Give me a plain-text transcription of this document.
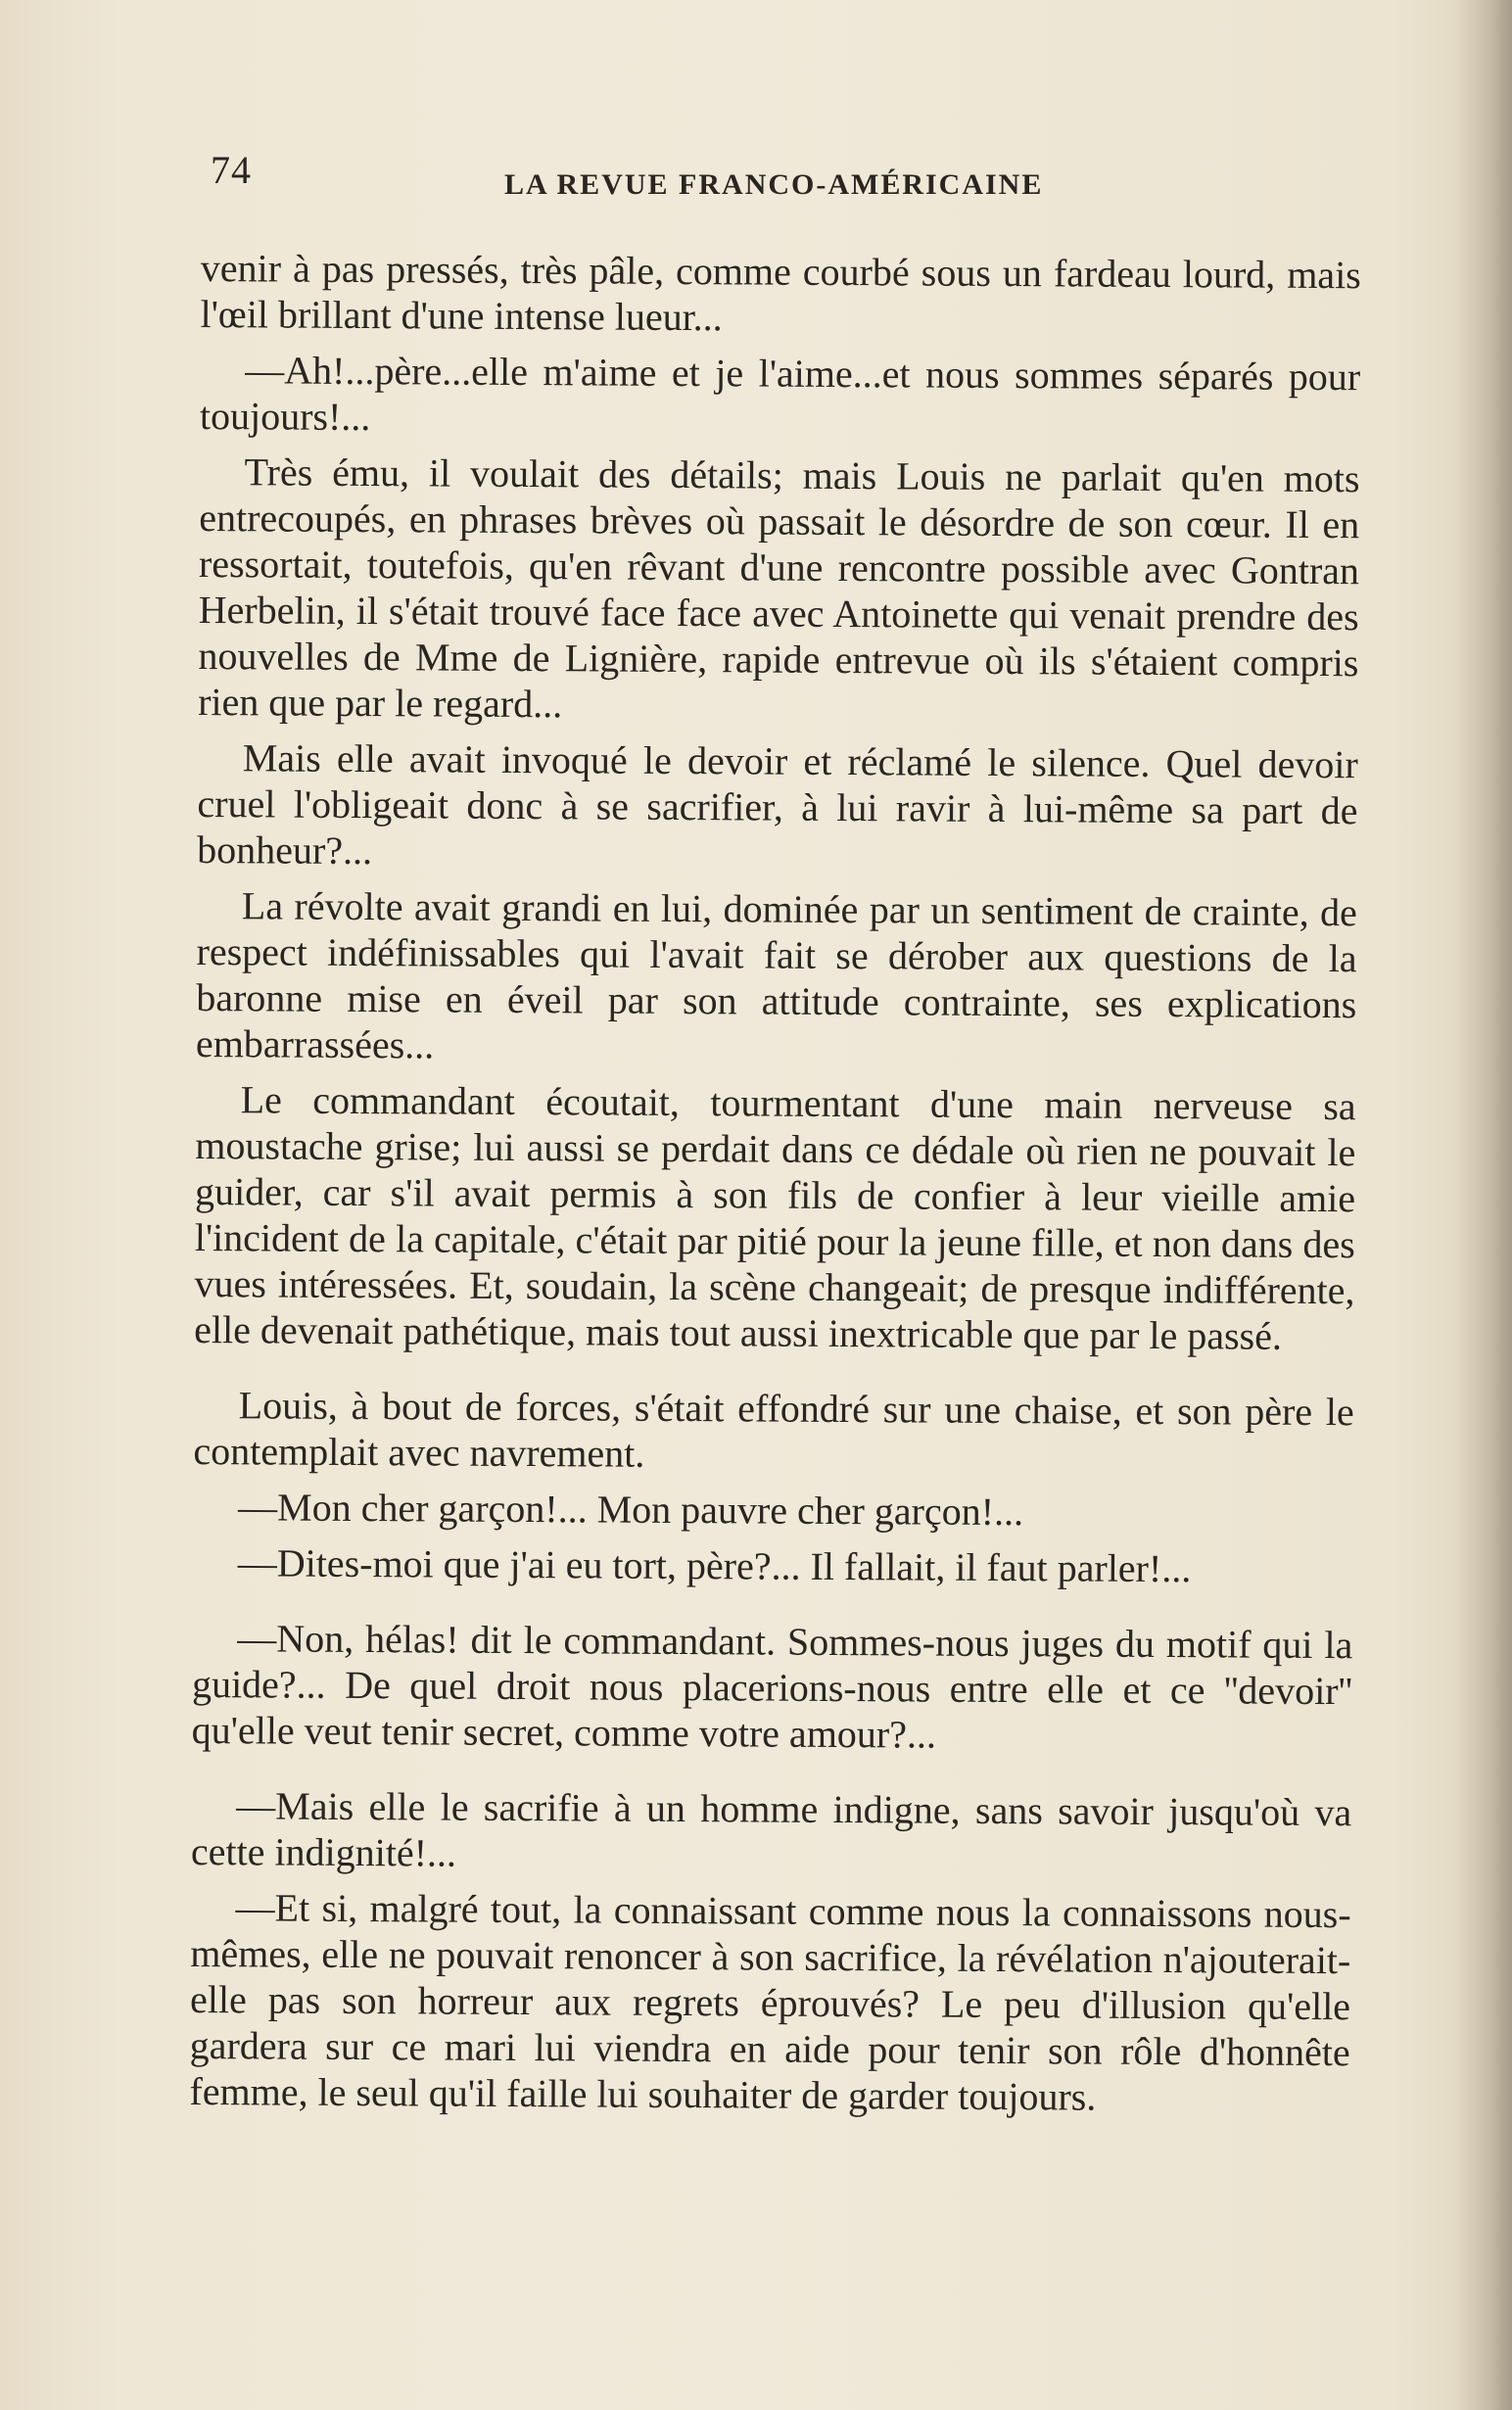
74	LA REVUE FRANCO-AMÉRICAINE

venir à pas pressés, très pâle, comme courbé sous un fardeau lourd, mais l'œil brillant d'une intense lueur...

—Ah!...père...elle m'aime et je l'aime...et nous sommes séparés pour toujours!...

Très ému, il voulait des détails; mais Louis ne parlait qu'en mots entrecoupés, en phrases brèves où passait le désordre de son cœur. Il en ressortait, toutefois, qu'en rêvant d'une rencontre possible avec Gontran Herbelin, il s'était trouvé face face avec Antoinette qui venait prendre des nouvelles de Mme de Lignière, rapide entrevue où ils s'étaient compris rien que par le regard...

Mais elle avait invoqué le devoir et réclamé le silence. Quel devoir cruel l'obligeait donc à se sacrifier, à lui ravir à lui-même sa part de bonheur?...

La révolte avait grandi en lui, dominée par un sentiment de crainte, de respect indéfinissables qui l'avait fait se dérober aux questions de la baronne mise en éveil par son attitude contrainte, ses explications embarrassées...

Le commandant écoutait, tourmentant d'une main nerveuse sa moustache grise; lui aussi se perdait dans ce dédale où rien ne pouvait le guider, car s'il avait permis à son fils de confier à leur vieille amie l'incident de la capitale, c'était par pitié pour la jeune fille, et non dans des vues intéressées. Et, soudain, la scène changeait; de presque indifférente, elle devenait pathétique, mais tout aussi inextricable que par le passé.

Louis, à bout de forces, s'était effondré sur une chaise, et son père le contemplait avec navrement.

—Mon cher garçon!... Mon pauvre cher garçon!...

—Dites-moi que j'ai eu tort, père?... Il fallait, il faut parler!...

—Non, hélas! dit le commandant. Sommes-nous juges du motif qui la guide?... De quel droit nous placerions-nous entre elle et ce ''devoir'' qu'elle veut tenir secret, comme votre amour?...

—Mais elle le sacrifie à un homme indigne, sans savoir jusqu'où va cette indignité!...

—Et si, malgré tout, la connaissant comme nous la connaissons nous-mêmes, elle ne pouvait renoncer à son sacrifice, la révélation n'ajouterait-elle pas son horreur aux regrets éprouvés? Le peu d'illusion qu'elle gardera sur ce mari lui viendra en aide pour tenir son rôle d'honnête femme, le seul qu'il faille lui souhaiter de garder toujours.
